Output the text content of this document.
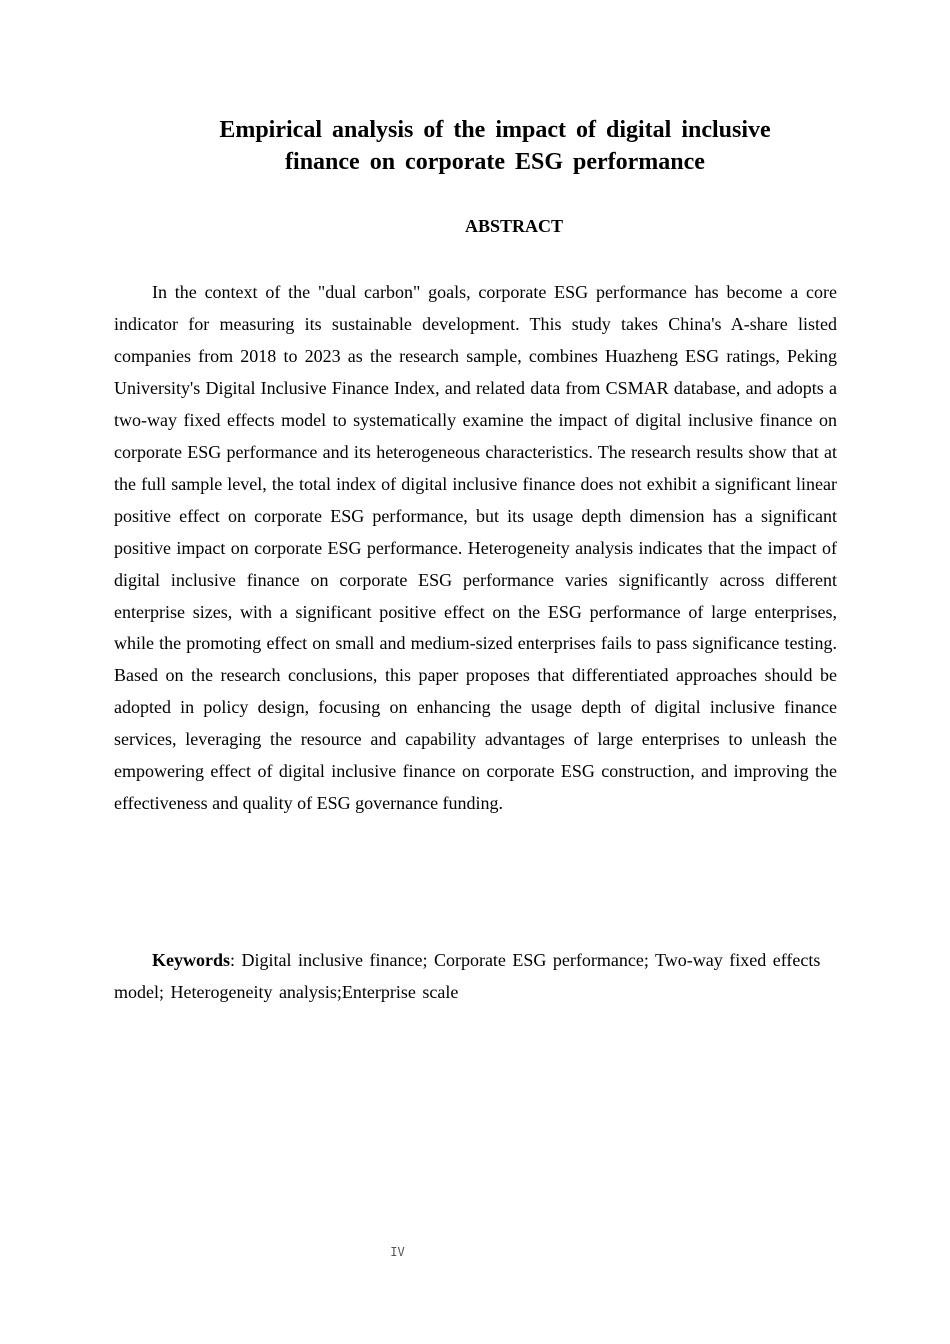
Empirical analysis of the impact of digital inclusive
finance on corporate ESG performance
ABSTRACT

In the context of the "dual carbon" goals, corporate ESG performance has become a core indicator for measuring its sustainable development. This study takes China's A-share listed companies from 2018 to 2023 as the research sample, combines Huazheng ESG ratings, Peking University's Digital Inclusive Finance Index, and related data from CSMAR database, and adopts a two-way fixed effects model to systematically examine the impact of digital inclusive finance on corporate ESG performance and its heterogeneous characteristics. The research results show that at the full sample level, the total index of digital inclusive finance does not exhibit a significant linear positive effect on corporate ESG performance, but its usage depth dimension has a significant positive impact on corporate ESG performance. Heterogeneity analysis indicates that the impact of digital inclusive finance on corporate ESG performance varies significantly across different enterprise sizes, with a significant positive effect on the ESG performance of large enterprises, while the promoting effect on small and medium-sized enterprises fails to pass significance testing. Based on the research conclusions, this paper proposes that differentiated approaches should be adopted in policy design, focusing on enhancing the usage depth of digital inclusive finance services, leveraging the resource and capability advantages of large enterprises to unleash the empowering effect of digital inclusive finance on corporate ESG construction, and improving the effectiveness and quality of ESG governance funding.

Keywords: Digital inclusive finance; Corporate ESG performance; Two-way fixed effects model; Heterogeneity analysis;Enterprise scale

IV
